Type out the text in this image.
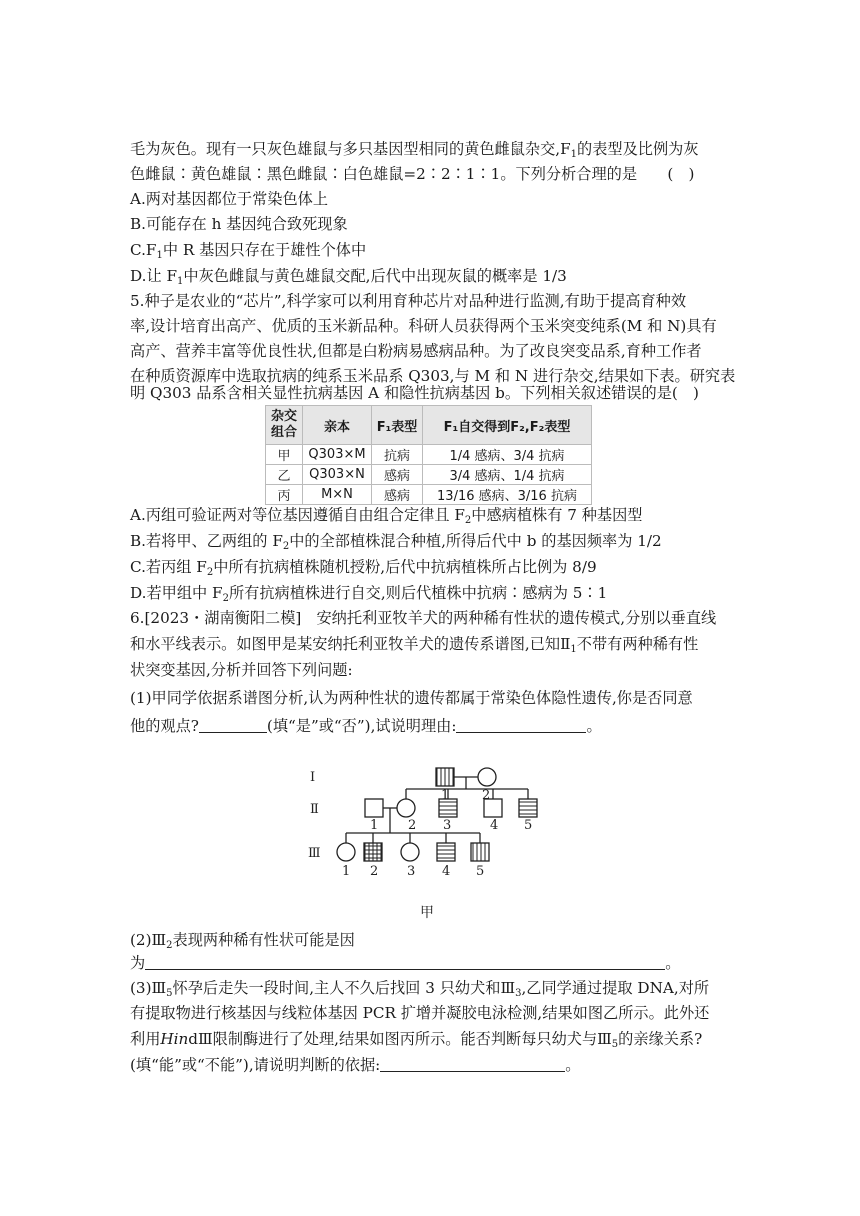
毛为灰色。现有一只灰色雄鼠与多只基因型相同的黄色雌鼠杂交$,F_1$的表型及比例为灰
色雌鼠∶黄色雄鼠∶黑色雌鼠∶白色雄鼠=2∶2∶1∶1。下列分析合理的是　　(　)
A.两对基因都位于常染色体上
B.可能存在 h 基因纯合致死现象
$C.F_1$中 R 基因只存在于雄性个体中
D.让 $F_1$中灰色雌鼠与黄色雄鼠交配,后代中出现灰鼠的概率是 1/3
5.种子是农业的“芯片”,科学家可以利用育种芯片对品种进行监测,有助于提高育种效
率,设计培育出高产、优质的玉米新品种。科研人员获得两个玉米突变纯系(M 和 N)具有
高产、营养丰富等优良性状,但都是白粉病易感病品种。为了改良突变品系,育种工作者
在种质资源库中选取抗病的纯系玉米品系 Q303,与 M 和 N 进行杂交,结果如下表。研究表
明 Q303 品系含相关显性抗病基因 A 和隐性抗病基因 b。下列相关叙述错误的是(　)
杂交组合	亲本	F₁表型	F₁自交得到F₂,F₂表型
甲	Q303×M	抗病	1/4 感病、3/4 抗病
乙	Q303×N	感病	3/4 感病、1/4 抗病
丙	M×N	感病	13/16 感病、3/16 抗病
A.丙组可验证两对等位基因遵循自由组合定律且 $F_2$中感病植株有 7 种基因型
B.若将甲、乙两组的 $F_2$中的全部植株混合种植,所得后代中 b 的基因频率为 1/2
C.若丙组 $F_2$中所有抗病植株随机授粉,后代中抗病植株所占比例为 8/9
D.若甲组中 $F_2$所有抗病植株进行自交,则后代植株中抗病∶感病为 5∶1
6.[2023・湖南衡阳二模]　安纳托利亚牧羊犬的两种稀有性状的遗传模式,分别以垂直线
和水平线表示。如图甲是某安纳托利亚牧羊犬的遗传系谱图,已知$Ⅱ_1$不带有两种稀有性
状突变基因,分析并回答下列问题:
(1)甲同学依据系谱图分析,认为两种性状的遗传都属于常染色体隐性遗传,你是否同意
他的观点?	(填“是”或“否”),试说明理由:	。
Ⅰ
Ⅱ
Ⅲ
1	2
1 2 3	4 5
1 2 3 4 5
甲
$(2)Ⅲ_2$表现两种稀有性状可能是因
为	。
$(3)Ⅲ_5$怀孕后走失一段时间,主人不久后找回 3 只幼犬和$Ⅲ_3$,乙同学通过提取 DNA,对所
有提取物进行核基因与线粒体基因 PCR 扩增并凝胶电泳检测,结果如图乙所示。此外还
利用HindⅢ限制酶进行了处理,结果如图丙所示。能否判断每只幼犬与$Ⅲ_5$的亲缘关系?
(填“能”或“不能”),请说明判断的依据:	。
